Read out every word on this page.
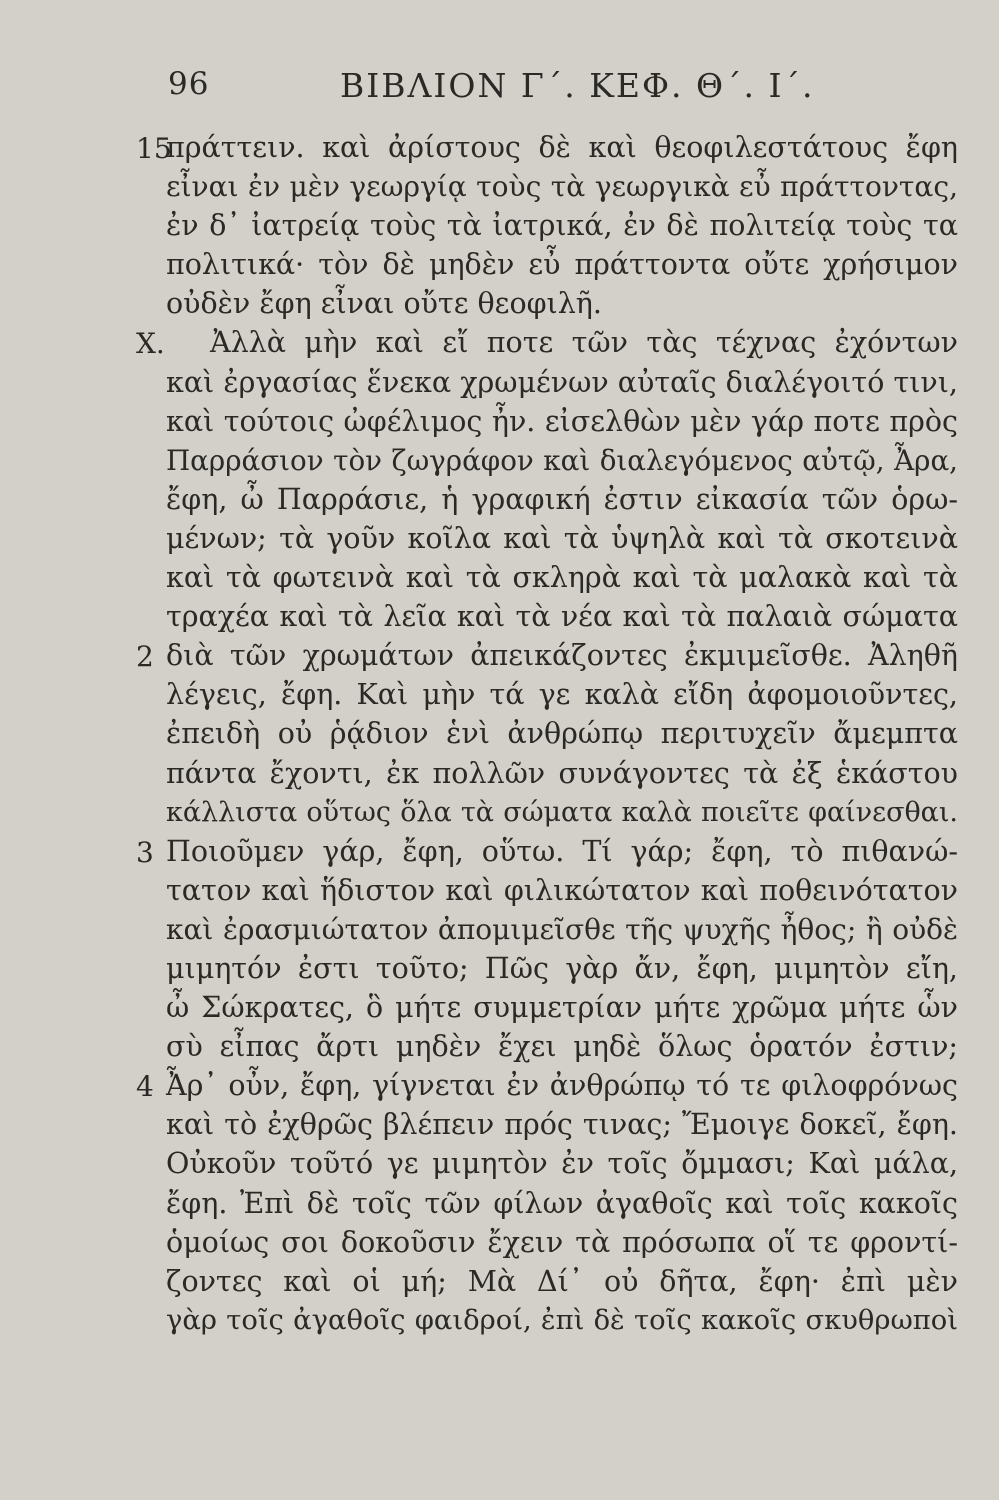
96	ΒΙΒΛΙΟΝ Γ΄. ΚΕΦ. Θ΄. Ι΄.
15
πράττειν. καὶ ἀρίστους δὲ καὶ θεοφιλεστάτους ἔφη
εἶναι ἐν μὲν γεωργίᾳ τοὺς τὰ γεωργικὰ εὖ πράττοντας,
ἐν δ᾽ ἰατρείᾳ τοὺς τὰ ἰατρικά, ἐν δὲ πολιτείᾳ τοὺς τα
πολιτικά· τὸν δὲ μηδὲν εὖ πράττοντα οὔτε χρήσιμον
οὐδὲν ἔφη εἶναι οὔτε θεοφιλῆ.
X. Ἀλλὰ μὴν καὶ εἴ ποτε τῶν τὰς τέχνας ἐχόντων
καὶ ἐργασίας ἕνεκα χρωμένων αὐταῖς διαλέγοιτό τινι,
καὶ τούτοις ὠφέλιμος ἦν. εἰσελθὼν μὲν γάρ ποτε πρὸς
Παρράσιον τὸν ζωγράφον καὶ διαλεγόμενος αὐτῷ, Ἆρα,
ἔφη, ὦ Παρράσιε, ἡ γραφική ἐστιν εἰκασία τῶν ὁρω-
μένων; τὰ γοῦν κοῖλα καὶ τὰ ὑψηλὰ καὶ τὰ σκοτεινὰ
καὶ τὰ φωτεινὰ καὶ τὰ σκληρὰ καὶ τὰ μαλακὰ καὶ τὰ
τραχέα καὶ τὰ λεῖα καὶ τὰ νέα καὶ τὰ παλαιὰ σώματα
2 διὰ τῶν χρωμάτων ἀπεικάζοντες ἐκμιμεῖσθε. Ἀληθῆ
λέγεις, ἔφη. Καὶ μὴν τά γε καλὰ εἴδη ἀφομοιοῦντες,
ἐπειδὴ οὐ ῥᾴδιον ἑνὶ ἀνθρώπῳ περιτυχεῖν ἄμεμπτα
πάντα ἔχοντι, ἐκ πολλῶν συνάγοντες τὰ ἐξ ἑκάστου
κάλλιστα οὕτως ὅλα τὰ σώματα καλὰ ποιεῖτε φαίνεσθαι.
3 Ποιοῦμεν γάρ, ἔφη, οὕτω. Τί γάρ; ἔφη, τὸ πιθανώ-
τατον καὶ ἥδιστον καὶ φιλικώτατον καὶ ποθεινότατον
καὶ ἐρασμιώτατον ἀπομιμεῖσθε τῆς ψυχῆς ἦθος; ἢ οὐδὲ
μιμητόν ἐστι τοῦτο; Πῶς γὰρ ἄν, ἔφη, μιμητὸν εἴη,
ὦ Σώκρατες, ὃ μήτε συμμετρίαν μήτε χρῶμα μήτε ὧν
σὺ εἶπας ἄρτι μηδὲν ἔχει μηδὲ ὅλως ὁρατόν ἐστιν;
4 Ἆρ᾽ οὖν, ἔφη, γίγνεται ἐν ἀνθρώπῳ τό τε φιλοφρόνως
καὶ τὸ ἐχθρῶς βλέπειν πρός τινας; Ἔμοιγε δοκεῖ, ἔφη.
Οὐκοῦν τοῦτό γε μιμητὸν ἐν τοῖς ὄμμασι; Καὶ μάλα,
ἔφη. Ἐπὶ δὲ τοῖς τῶν φίλων ἀγαθοῖς καὶ τοῖς κακοῖς
ὁμοίως σοι δοκοῦσιν ἔχειν τὰ πρόσωπα οἵ τε φροντί-
ζοντες καὶ οἱ μή; Μὰ Δί᾽ οὐ δῆτα, ἔφη· ἐπὶ μὲν
γὰρ τοῖς ἀγαθοῖς φαιδροί, ἐπὶ δὲ τοῖς κακοῖς σκυθρωποὶ
